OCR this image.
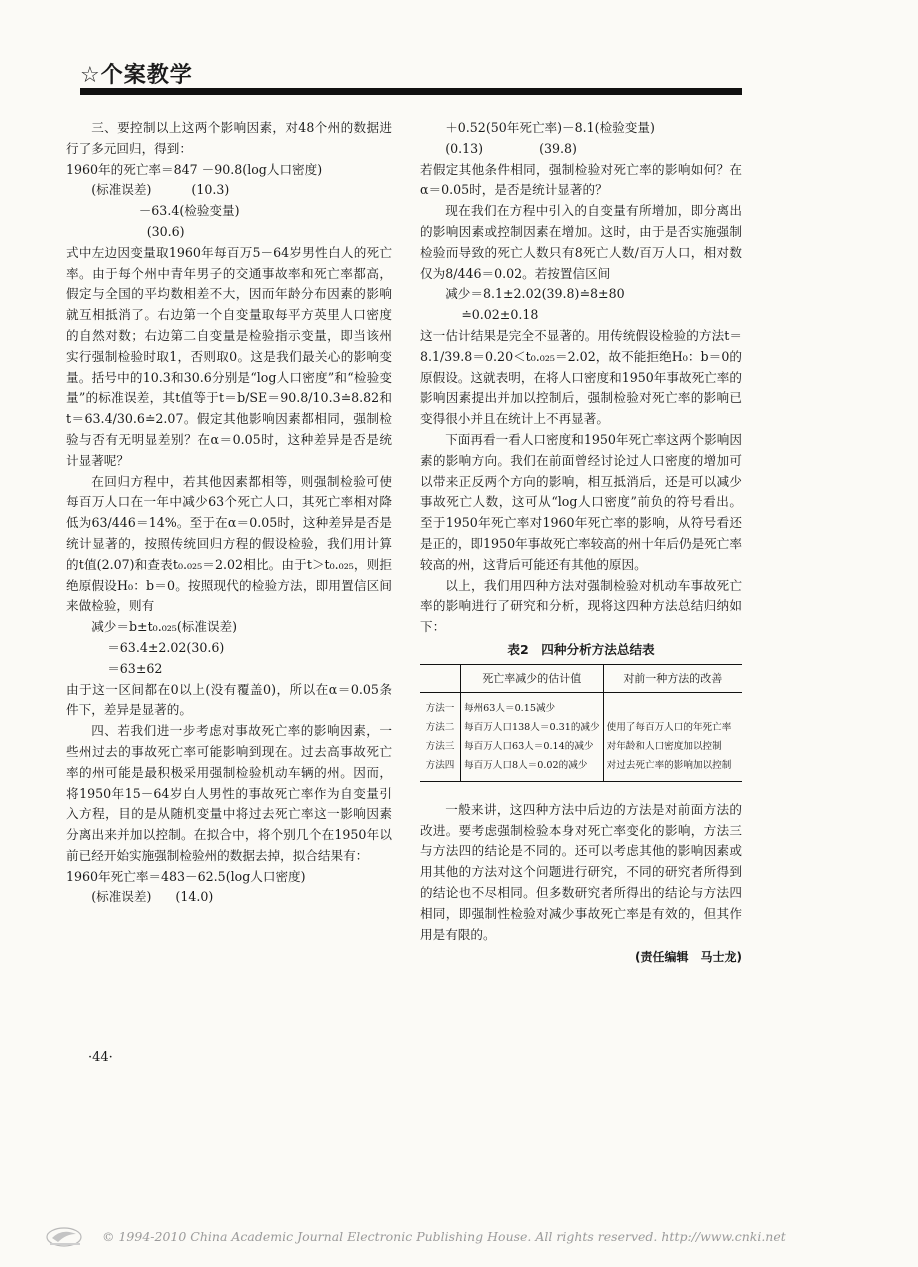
☆个案教学
三、要控制以上这两个影响因素，对48个州的数据进行了多元回归，得到：
1960年的死亡率＝847 －90.8(log人口密度)
(标准误差)          (10.3)
－63.4(检验变量)
(30.6)
式中左边因变量取1960年每百万5－64岁男性白人的死亡率。由于每个州中青年男子的交通事故率和死亡率都高，假定与全国的平均数相差不大，因而年龄分布因素的影响就互相抵消了。右边第一个自变量取每平方英里人口密度的自然对数；右边第二自变量是检验指示变量，即当该州实行强制检验时取1，否则取0。这是我们最关心的影响变量。括号中的10.3和30.6分别是“log人口密度”和“检验变量”的标准误差，其t值等于t＝b/SE＝90.8/10.3≐8.82和t＝63.4/30.6≐2.07。假定其他影响因素都相同，强制检验与否有无明显差别？在α＝0.05时，这种差异是否是统计显著呢？
在回归方程中，若其他因素都相等，则强制检验可使每百万人口在一年中减少63个死亡人口，其死亡率相对降低为63/446＝14%。至于在α＝0.05时，这种差异是否是统计显著的，按照传统回归方程的假设检验，我们用计算的t值(2.07)和查表t₀.₀₂₅＝2.02相比。由于t＞t₀.₀₂₅，则拒绝原假设H₀：b＝0。按照现代的检验方法，即用置信区间来做检验，则有
减少＝b±t₀.₀₂₅(标准误差)
＝63.4±2.02(30.6)
＝63±62
由于这一区间都在0以上(没有覆盖0)，所以在α＝0.05条件下，差异是显著的。
四、若我们进一步考虑对事故死亡率的影响因素，一些州过去的事故死亡率可能影响到现在。过去高事故死亡率的州可能是最积极采用强制检验机动车辆的州。因而，将1950年15－64岁白人男性的事故死亡率作为自变量引入方程，目的是从随机变量中将过去死亡率这一影响因素分离出来并加以控制。在拟合中，将个别几个在1950年以前已经开始实施强制检验州的数据去掉，拟合结果有：
1960年死亡率＝483－62.5(log人口密度)
(标准误差)      (14.0)
＋0.52(50年死亡率)－8.1(检验变量)
(0.13)              (39.8)
若假定其他条件相同，强制检验对死亡率的影响如何？在α＝0.05时，是否是统计显著的？
现在我们在方程中引入的自变量有所增加，即分离出的影响因素或控制因素在增加。这时，由于是否实施强制检验而导致的死亡人数只有8死亡人数/百万人口，相对数仅为8/446＝0.02。若按置信区间
减少＝8.1±2.02(39.8)≐8±80
≐0.02±0.18
这一估计结果是完全不显著的。用传统假设检验的方法t＝8.1/39.8＝0.20＜t₀.₀₂₅＝2.02，故不能拒绝H₀：b＝0的原假设。这就表明，在将人口密度和1950年事故死亡率的影响因素提出并加以控制后，强制检验对死亡率的影响已变得很小并且在统计上不再显著。
下面再看一看人口密度和1950年死亡率这两个影响因素的影响方向。我们在前面曾经讨论过人口密度的增加可以带来正反两个方向的影响，相互抵消后，还是可以减少事故死亡人数，这可从“log人口密度”前负的符号看出。至于1950年死亡率对1960年死亡率的影响，从符号看还是正的，即1950年事故死亡率较高的州十年后仍是死亡率较高的州，这背后可能还有其他的原因。
以上，我们用四种方法对强制检验对机动车事故死亡率的影响进行了研究和分析，现将这四种方法总结归纳如下：
表2　四种分析方法总结表
	死亡率减少的估计值	对前一种方法的改善
方法一	每州63人＝0.15减少	
方法二	每百万人口138人＝0.31的减少	使用了每百万人口的年死亡率
方法三	每百万人口63人＝0.14的减少	对年龄和人口密度加以控制
方法四	每百万人口8人＝0.02的减少	对过去死亡率的影响加以控制
一般来讲，这四种方法中后边的方法是对前面方法的改进。要考虑强制检验本身对死亡率变化的影响，方法三与方法四的结论是不同的。还可以考虑其他的影响因素或用其他的方法对这个问题进行研究，不同的研究者所得到的结论也不尽相同。但多数研究者所得出的结论与方法四相同，即强制性检验对减少事故死亡率是有效的，但其作用是有限的。
(责任编辑　马士龙)
·44·
© 1994-2010 China Academic Journal Electronic Publishing House. All rights reserved. http://www.cnki.net
